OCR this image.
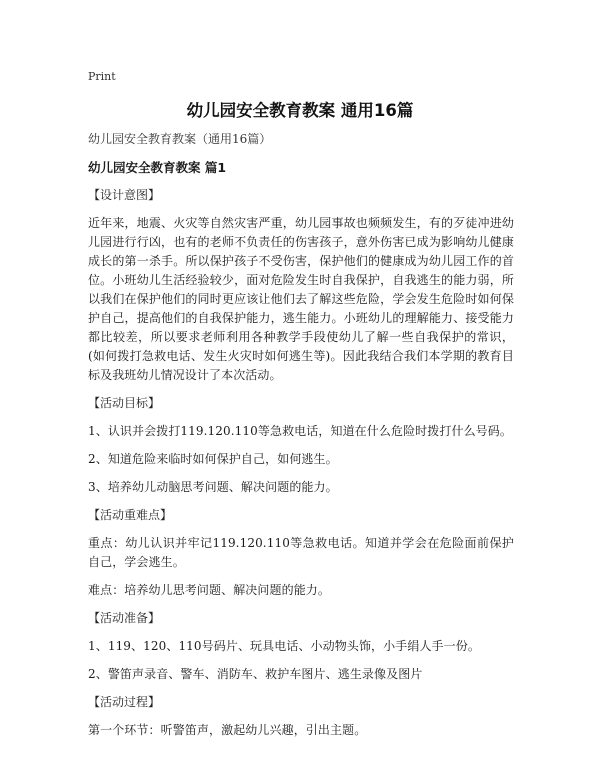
Print
幼儿园安全教育教案 通用16篇

幼儿园安全教育教案（通用16篇）

幼儿园安全教育教案 篇1

【设计意图】

近年来，地震、火灾等自然灾害严重，幼儿园事故也频频发生，有的歹徒冲进幼儿园进行行凶，也有的老师不负责任的伤害孩子，意外伤害已成为影响幼儿健康成长的第一杀手。所以保护孩子不受伤害，保护他们的健康成为幼儿园工作的首位。小班幼儿生活经验较少，面对危险发生时自我保护，自我逃生的能力弱，所以我们在保护他们的同时更应该让他们去了解这些危险，学会发生危险时如何保护自己，提高他们的自我保护能力，逃生能力。小班幼儿的理解能力、接受能力都比较差，所以要求老师利用各种教学手段使幼儿了解一些自我保护的常识，(如何拨打急救电话、发生火灾时如何逃生等)。因此我结合我们本学期的教育目标及我班幼儿情况设计了本次活动。

【活动目标】

1、认识并会拨打119.120.110等急救电话，知道在什么危险时拨打什么号码。

2、知道危险来临时如何保护自己，如何逃生。

3、培养幼儿动脑思考问题、解决问题的能力。

【活动重难点】

重点：幼儿认识并牢记119.120.110等急救电话。知道并学会在危险面前保护自己，学会逃生。

难点：培养幼儿思考问题、解决问题的能力。

【活动准备】

1、119、120、110号码片、玩具电话、小动物头饰，小手绢人手一份。

2、警笛声录音、警车、消防车、救护车图片、逃生录像及图片

【活动过程】

第一个环节：听警笛声，激起幼儿兴趣，引出主题。
